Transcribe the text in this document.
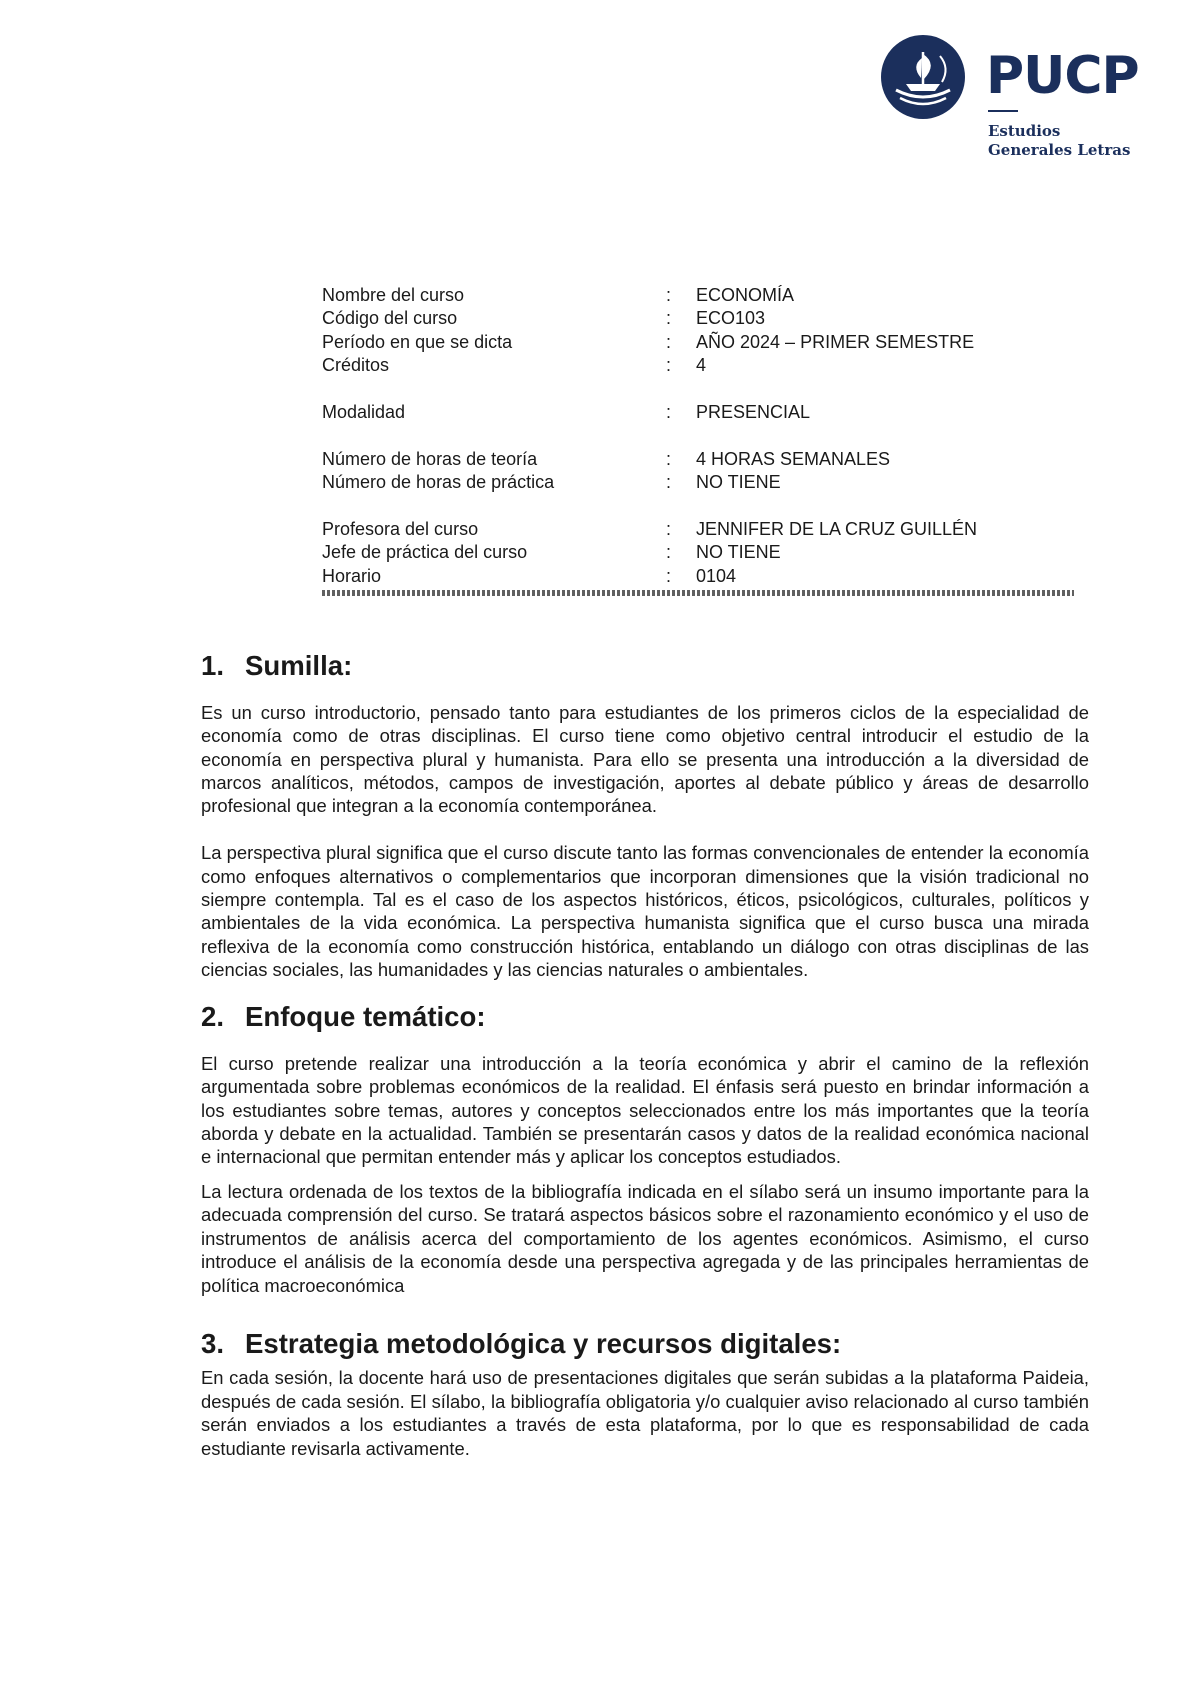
PUCP
Estudios
Generales Letras
Nombre del curso	:	ECONOMÍA
Código del curso	:	ECO103
Período en que se dicta	:	AÑO 2024 – PRIMER SEMESTRE
Créditos	:	4
Modalidad	:	PRESENCIAL
Número de horas de teoría	:	4 HORAS SEMANALES
Número de horas de práctica	:	NO TIENE
Profesora del curso	:	JENNIFER DE LA CRUZ GUILLÉN
Jefe de práctica del curso	:	NO TIENE
Horario	:	0104
1. Sumilla:

Es un curso introductorio, pensado tanto para estudiantes de los primeros ciclos de la especialidad de economía como de otras disciplinas. El curso tiene como objetivo central introducir el estudio de la economía en perspectiva plural y humanista. Para ello se presenta una introducción a la diversidad de marcos analíticos, métodos, campos de investigación, aportes al debate público y áreas de desarrollo profesional que integran a la economía contemporánea.

La perspectiva plural significa que el curso discute tanto las formas convencionales de entender la economía como enfoques alternativos o complementarios que incorporan dimensiones que la visión tradicional no siempre contempla. Tal es el caso de los aspectos históricos, éticos, psicológicos, culturales, políticos y ambientales de la vida económica. La perspectiva humanista significa que el curso busca una mirada reflexiva de la economía como construcción histórica, entablando un diálogo con otras disciplinas de las ciencias sociales, las humanidades y las ciencias naturales o ambientales.

2. Enfoque temático:

El curso pretende realizar una introducción a la teoría económica y abrir el camino de la reflexión argumentada sobre problemas económicos de la realidad. El énfasis será puesto en brindar información a los estudiantes sobre temas, autores y conceptos seleccionados entre los más importantes que la teoría aborda y debate en la actualidad. También se presentarán casos y datos de la realidad económica nacional e internacional que permitan entender más y aplicar los conceptos estudiados.

La lectura ordenada de los textos de la bibliografía indicada en el sílabo será un insumo importante para la adecuada comprensión del curso. Se tratará aspectos básicos sobre el razonamiento económico y el uso de instrumentos de análisis acerca del comportamiento de los agentes económicos. Asimismo, el curso introduce el análisis de la economía desde una perspectiva agregada y de las principales herramientas de política macroeconómica

3. Estrategia metodológica y recursos digitales:

En cada sesión, la docente hará uso de presentaciones digitales que serán subidas a la plataforma Paideia, después de cada sesión. El sílabo, la bibliografía obligatoria y/o cualquier aviso relacionado al curso también serán enviados a los estudiantes a través de esta plataforma, por lo que es responsabilidad de cada estudiante revisarla activamente.
